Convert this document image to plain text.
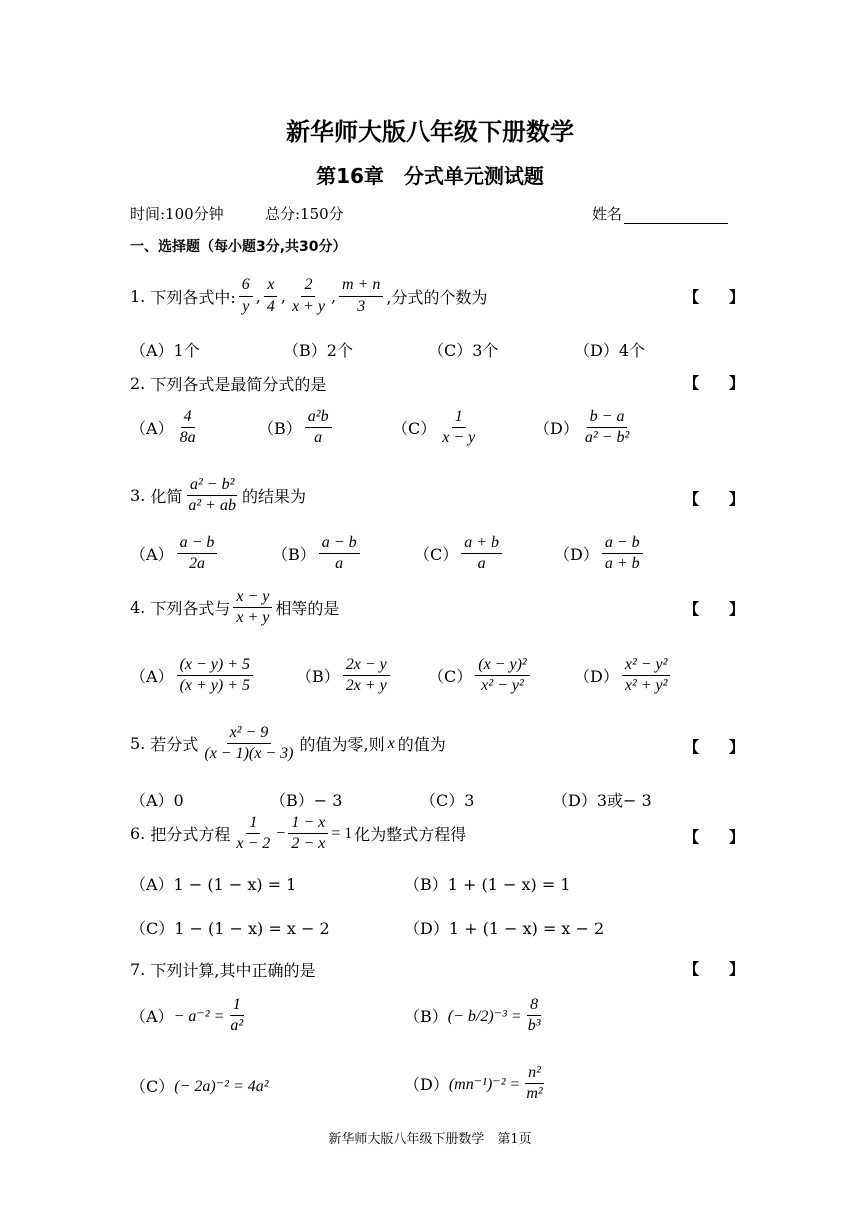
新华师大版八年级下册数学
第16章　分式单元测试题
时间:100分钟	总分:150分	姓名
一、选择题（每小题3分,共30分）
1.
下列各式中: $\frac{6}{y}$ , $\frac{x}{4}$ , $\frac{2}{x + y}$ , $\frac{m + n}{3}$ ,分式的个数为	【　　】
（A）1个	（B）2个	（C）3个	（D）4个
2.
下列各式是最简分式的是	【　　】
$(A) \frac{4}{8a}$	$(B) \frac{\text{a²b}}{a}$	$(C) \frac{1}{x - y}$	$(D) \frac{b - a}{\text{a² − b²}}$
3.
化简 $\frac{\text{a² − b²}}{\text{a² + ab}}$ 的结果为	【　　】
$(A) \frac{a - b}{2a}$	$(B) \frac{a - b}{a}$	$(C) \frac{a + b}{a}$	$(D) \frac{a - b}{a + b}$
4.
下列各式与 $\frac{x - y}{x + y}$ 相等的是	【　　】
$(A) \frac{(x - y) + 5}{(x + y) + 5}$	$(B) \frac{2x - y}{2x + y} (C) \frac{\text{(x − y)²}}{\text{x² − y²}}$	$(D) \frac{\text{x² − y²}}{\text{x² + y²}}$
5.
若分式 $\frac{\text{x² − 9}}{(x - 1)(x - 3)}$ 的值为零,则 x 的值为	【　　】
（A）0	（B）− 3	（C）3	（D）3或− 3
6.
把分式方程 $\frac{1}{x - 2} - \frac{1 - x}{2 - x} = 1$ 化为整式方程得	【　　】
（A）1 − (1 − x) = 1	（B）1 + (1 − x) = 1
（C）1 − (1 − x) = x − 2	（D）1 + (1 − x) = x − 2
7.
下列计算,其中正确的是	【　　】
$(A) - a^{-2} = \frac{1}{\text{a²}}$	（B） (− $b/2)^{-3} = \frac{8}{\text{b³}}$
（C） (− 2a)⁻² = 4a²	（D） $(mn^{-1})^{-2} = \frac{\text{n²}}{\text{m²}}$
新华师大版八年级下册数学　第1页
